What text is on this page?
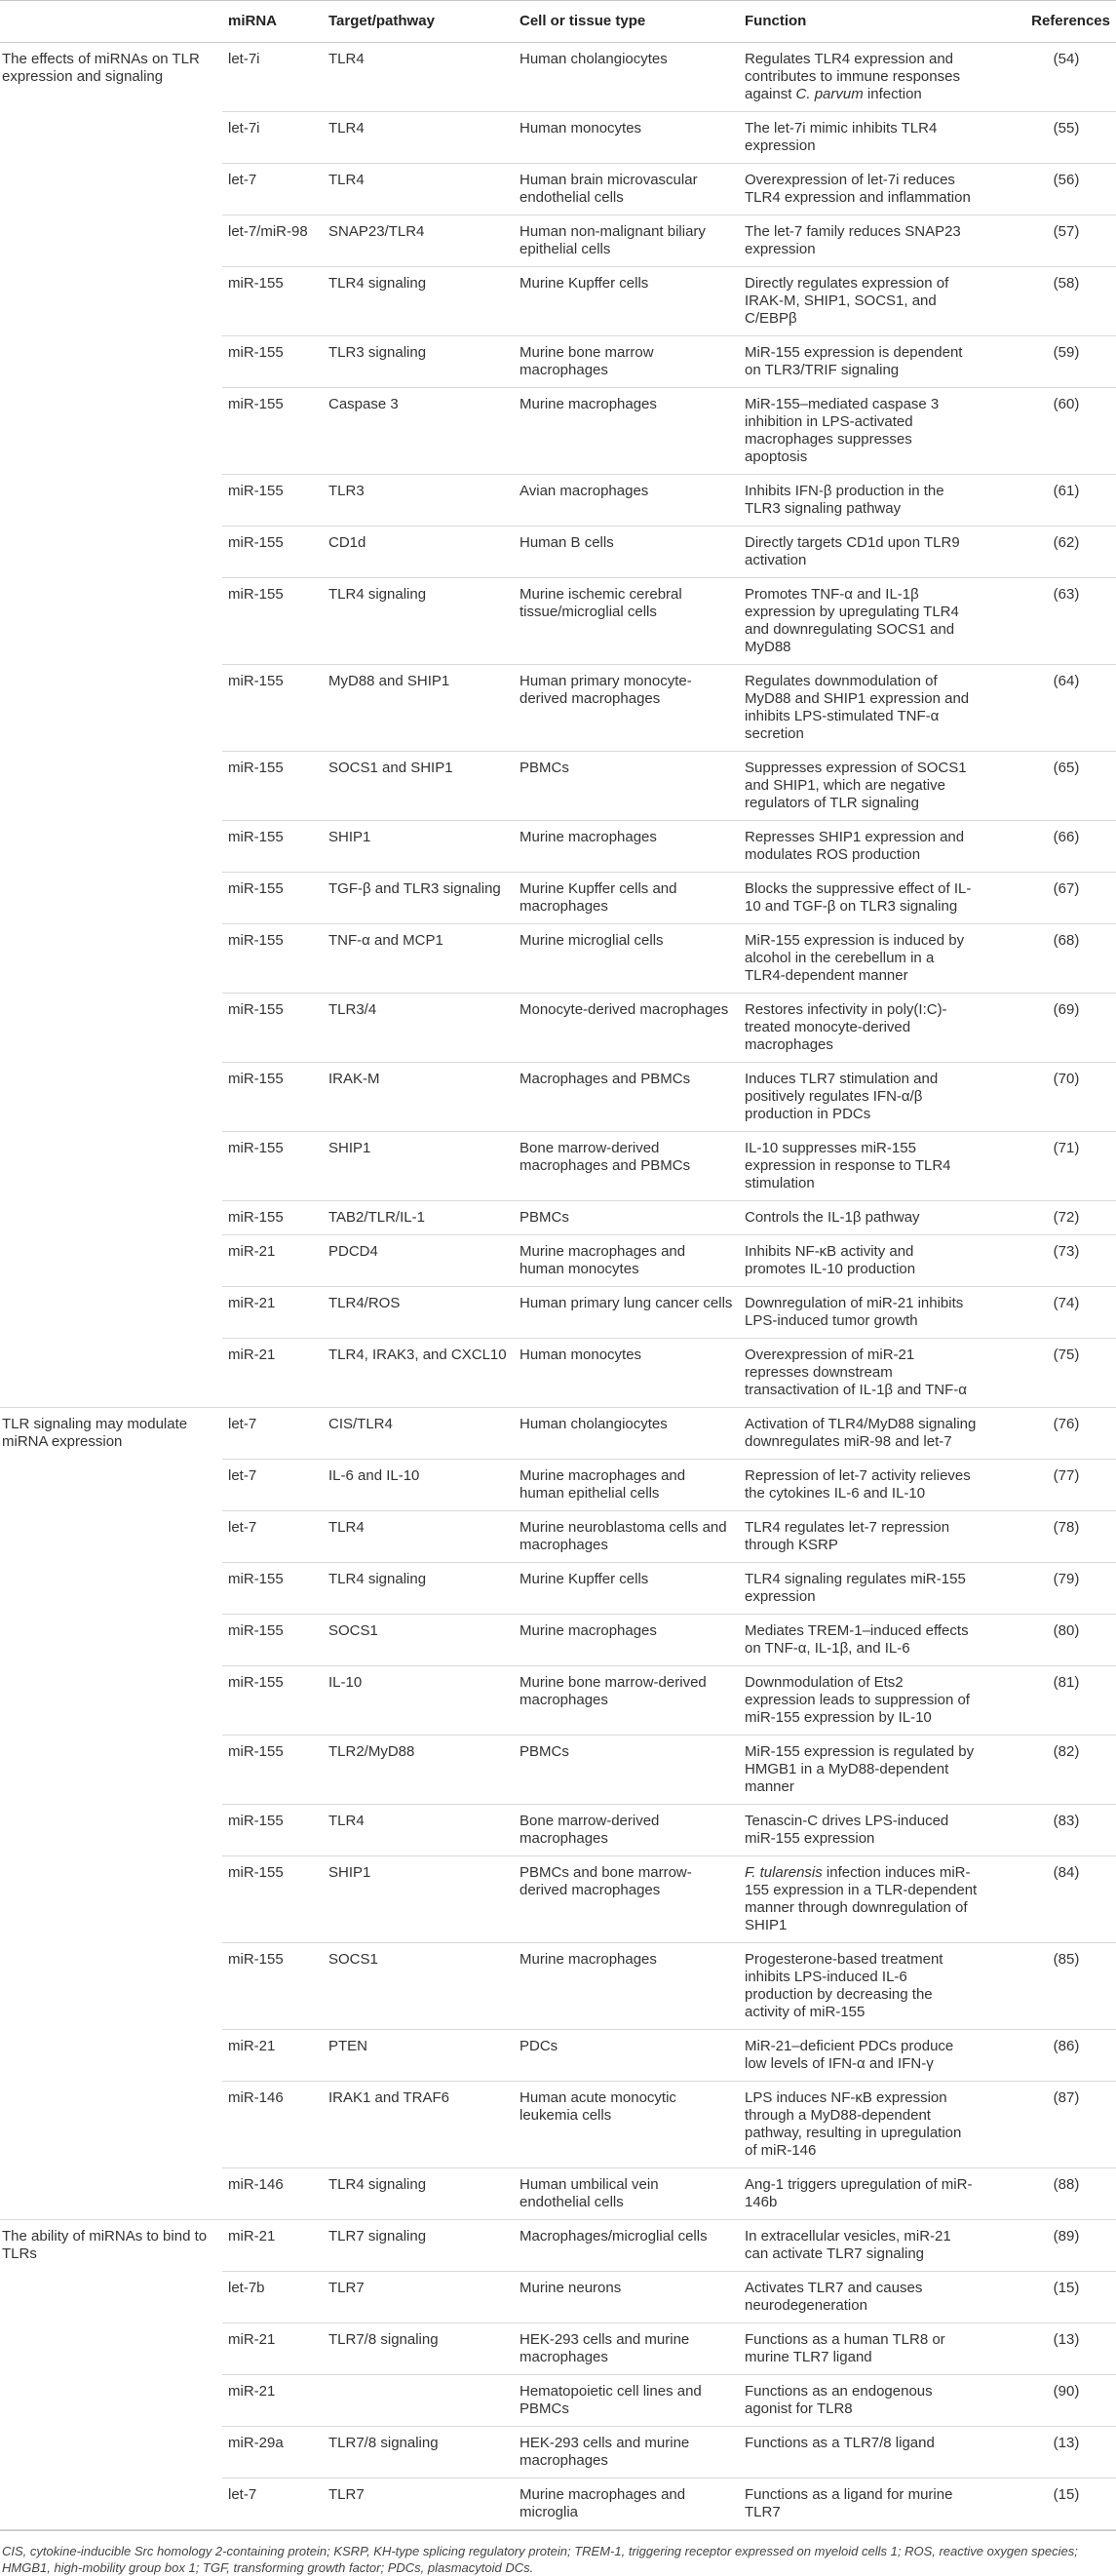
	miRNA	Target/pathway	Cell or tissue type	Function	References
The effects of miRNAs on TLR expression and signaling	let-7i	TLR4	Human cholangiocytes	Regulates TLR4 expression and contributes to immune responses against C. parvum infection	(54)
	let-7i	TLR4	Human monocytes	The let-7i mimic inhibits TLR4 expression	(55)
	let-7	TLR4	Human brain microvascular endothelial cells	Overexpression of let-7i reduces TLR4 expression and inflammation	(56)
	let-7/miR-98	SNAP23/TLR4	Human non-malignant biliary epithelial cells	The let-7 family reduces SNAP23 expression	(57)
	miR-155	TLR4 signaling	Murine Kupffer cells	Directly regulates expression of IRAK-M, SHIP1, SOCS1, and C/EBPβ	(58)
	miR-155	TLR3 signaling	Murine bone marrow macrophages	MiR-155 expression is dependent on TLR3/TRIF signaling	(59)
	miR-155	Caspase 3	Murine macrophages	MiR-155–mediated caspase 3 inhibition in LPS-activated macrophages suppresses apoptosis	(60)
	miR-155	TLR3	Avian macrophages	Inhibits IFN-β production in the TLR3 signaling pathway	(61)
	miR-155	CD1d	Human B cells	Directly targets CD1d upon TLR9 activation	(62)
	miR-155	TLR4 signaling	Murine ischemic cerebral tissue/microglial cells	Promotes TNF-α and IL-1β expression by upregulating TLR4 and downregulating SOCS1 and MyD88	(63)
	miR-155	MyD88 and SHIP1	Human primary monocyte-derived macrophages	Regulates downmodulation of MyD88 and SHIP1 expression and inhibits LPS-stimulated TNF-α secretion	(64)
	miR-155	SOCS1 and SHIP1	PBMCs	Suppresses expression of SOCS1 and SHIP1, which are negative regulators of TLR signaling	(65)
	miR-155	SHIP1	Murine macrophages	Represses SHIP1 expression and modulates ROS production	(66)
	miR-155	TGF-β and TLR3 signaling	Murine Kupffer cells and macrophages	Blocks the suppressive effect of IL-10 and TGF-β on TLR3 signaling	(67)
	miR-155	TNF-α and MCP1	Murine microglial cells	MiR-155 expression is induced by alcohol in the cerebellum in a TLR4-dependent manner	(68)
	miR-155	TLR3/4	Monocyte-derived macrophages	Restores infectivity in poly(I:C)-treated monocyte-derived macrophages	(69)
	miR-155	IRAK-M	Macrophages and PBMCs	Induces TLR7 stimulation and positively regulates IFN-α/β production in PDCs	(70)
	miR-155	SHIP1	Bone marrow-derived macrophages and PBMCs	IL-10 suppresses miR-155 expression in response to TLR4 stimulation	(71)
	miR-155	TAB2/TLR/IL-1	PBMCs	Controls the IL-1β pathway	(72)
	miR-21	PDCD4	Murine macrophages and human monocytes	Inhibits NF-κB activity and promotes IL-10 production	(73)
	miR-21	TLR4/ROS	Human primary lung cancer cells	Downregulation of miR-21 inhibits LPS-induced tumor growth	(74)
	miR-21	TLR4, IRAK3, and CXCL10	Human monocytes	Overexpression of miR-21 represses downstream transactivation of IL-1β and TNF-α	(75)
TLR signaling may modulate miRNA expression	let-7	CIS/TLR4	Human cholangiocytes	Activation of TLR4/MyD88 signaling downregulates miR-98 and let-7	(76)
	let-7	IL-6 and IL-10	Murine macrophages and human epithelial cells	Repression of let-7 activity relieves the cytokines IL-6 and IL-10	(77)
	let-7	TLR4	Murine neuroblastoma cells and macrophages	TLR4 regulates let-7 repression through KSRP	(78)
	miR-155	TLR4 signaling	Murine Kupffer cells	TLR4 signaling regulates miR-155 expression	(79)
	miR-155	SOCS1	Murine macrophages	Mediates TREM-1–induced effects on TNF-α, IL-1β, and IL-6	(80)
	miR-155	IL-10	Murine bone marrow-derived macrophages	Downmodulation of Ets2 expression leads to suppression of miR-155 expression by IL-10	(81)
	miR-155	TLR2/MyD88	PBMCs	MiR-155 expression is regulated by HMGB1 in a MyD88-dependent manner	(82)
	miR-155	TLR4	Bone marrow-derived macrophages	Tenascin-C drives LPS-induced miR-155 expression	(83)
	miR-155	SHIP1	PBMCs and bone marrow-derived macrophages	F. tularensis infection induces miR-155 expression in a TLR-dependent manner through downregulation of SHIP1	(84)
	miR-155	SOCS1	Murine macrophages	Progesterone-based treatment inhibits LPS-induced IL-6 production by decreasing the activity of miR-155	(85)
	miR-21	PTEN	PDCs	MiR-21–deficient PDCs produce low levels of IFN-α and IFN-γ	(86)
	miR-146	IRAK1 and TRAF6	Human acute monocytic leukemia cells	LPS induces NF-κB expression through a MyD88-dependent pathway, resulting in upregulation of miR-146	(87)
	miR-146	TLR4 signaling	Human umbilical vein endothelial cells	Ang-1 triggers upregulation of miR-146b	(88)
The ability of miRNAs to bind to TLRs	miR-21	TLR7 signaling	Macrophages/microglial cells	In extracellular vesicles, miR-21 can activate TLR7 signaling	(89)
	let-7b	TLR7	Murine neurons	Activates TLR7 and causes neurodegeneration	(15)
	miR-21	TLR7/8 signaling	HEK-293 cells and murine macrophages	Functions as a human TLR8 or murine TLR7 ligand	(13)
	miR-21		Hematopoietic cell lines and PBMCs	Functions as an endogenous agonist for TLR8	(90)
	miR-29a	TLR7/8 signaling	HEK-293 cells and murine macrophages	Functions as a TLR7/8 ligand	(13)
	let-7	TLR7	Murine macrophages and microglia	Functions as a ligand for murine TLR7	(15)
CIS, cytokine-inducible Src homology 2-containing protein; KSRP, KH-type splicing regulatory protein; TREM-1, triggering receptor expressed on myeloid cells 1; ROS, reactive oxygen species; HMGB1, high-mobility group box 1; TGF, transforming growth factor; PDCs, plasmacytoid DCs.
